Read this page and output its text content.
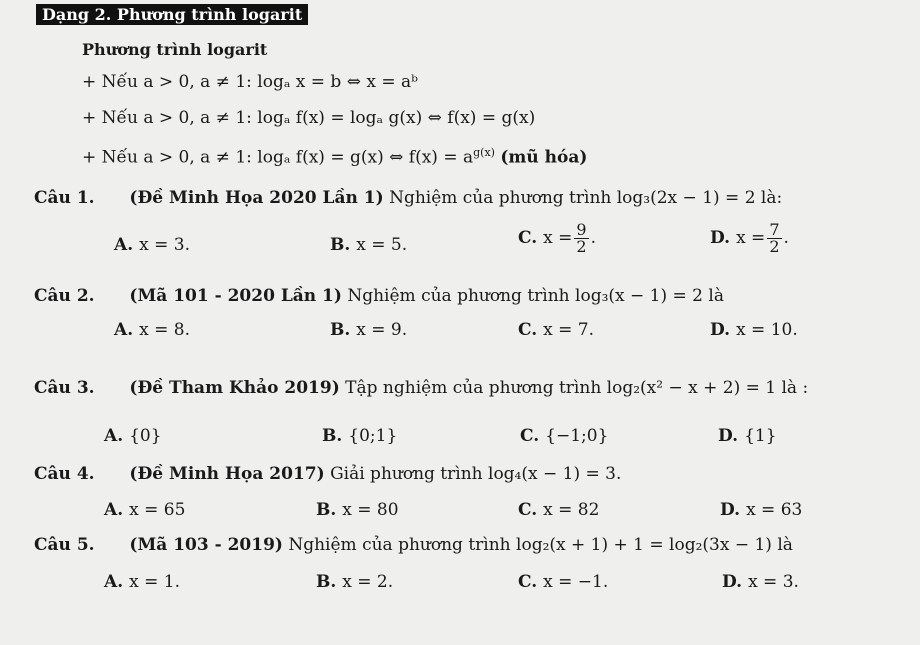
Dạng 2. Phương trình logarit
Phương trình logarit
+ Nếu a > 0, a ≠ 1: logₐ x = b ⇔ x = aᵇ
+ Nếu a > 0, a ≠ 1: logₐ f(x) = logₐ g(x) ⇔ f(x) = g(x)
+ Nếu a > 0, a ≠ 1: logₐ f(x) = g(x) ⇔ $f(x) = a^{g(x)}$ (mũ hóa)
Câu 1. (Đề Minh Họa 2020 Lần 1) Nghiệm của phương trình log₃(2x − 1) = 2 là:
A. x = 3.	B. x = 5.	C. $x = \frac{9}{2}$ .	D. $x = \frac{7}{2}$ .
Câu 2. (Mã 101 - 2020 Lần 1) Nghiệm của phương trình log₃(x − 1) = 2 là
A. x = 8.	B. x = 9.	C. x = 7.	D. x = 10.
Câu 3. (Đề Tham Khảo 2019) Tập nghiệm của phương trình log₂(x² − x + 2) = 1 là :
A. {0}	B. {0;1}	C. {−1;0}	D. {1}
Câu 4. (Đề Minh Họa 2017) Giải phương trình log₄(x − 1) = 3.
A. x = 65	B. x = 80	C. x = 82	D. x = 63
Câu 5. (Mã 103 - 2019) Nghiệm của phương trình log₂(x + 1) + 1 = log₂(3x − 1) là
A. x = 1.	B. x = 2.	C. x = −1.	D. x = 3.
